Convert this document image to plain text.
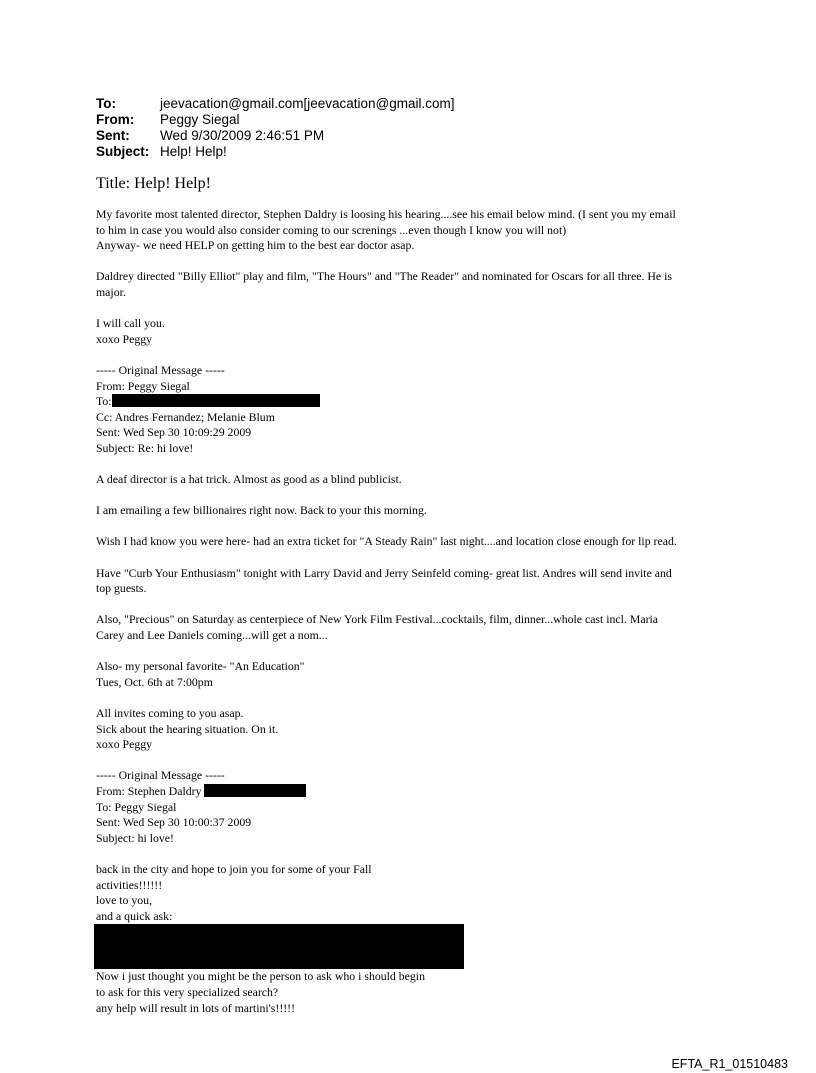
To:	jeevacation@gmail.com[jeevacation@gmail.com]
From:	Peggy Siegal
Sent:	Wed 9/30/2009 2:46:51 PM
Subject: Help! Help!
Title: Help! Help!
My favorite most talented director, Stephen Daldry is loosing his hearing....see his email below mind. (I sent you my email
to him in case you would also consider coming to our screnings ...even though I know you will not)
Anyway- we need HELP on getting him to the best ear doctor asap.
Daldrey directed "Billy Elliot" play and film, "The Hours" and "The Reader" and nominated for Oscars for all three. He is
major.
I will call you.
xoxo Peggy
----- Original Message -----
From: Peggy Siegal
To:
Cc: Andres Fernandez; Melanie Blum
Sent: Wed Sep 30 10:09:29 2009
Subject: Re: hi love!
A deaf director is a hat trick. Almost as good as a blind publicist.
I am emailing a few billionaires right now. Back to your this morning.
Wish I had know you were here- had an extra ticket for "A Steady Rain" last night....and location close enough for lip read.
Have "Curb Your Enthusiasm" tonight with Larry David and Jerry Seinfeld coming- great list. Andres will send invite and
top guests.
Also, "Precious" on Saturday as centerpiece of New York Film Festival...cocktails, film, dinner...whole cast incl. Maria
Carey and Lee Daniels coming...will get a nom...
Also- my personal favorite- "An Education"
Tues, Oct. 6th at 7:00pm
All invites coming to you asap.
Sick about the hearing situation. On it.
xoxo Peggy
----- Original Message -----
From: Stephen Daldry
To: Peggy Siegal
Sent: Wed Sep 30 10:00:37 2009
Subject: hi love!
back in the city and hope to join you for some of your Fall
activities!!!!!!
love to you,
and a quick ask:
Now i just thought you might be the person to ask who i should begin
to ask for this very specialized search?
any help will result in lots of martini's!!!!!
EFTA_R1_01510483
